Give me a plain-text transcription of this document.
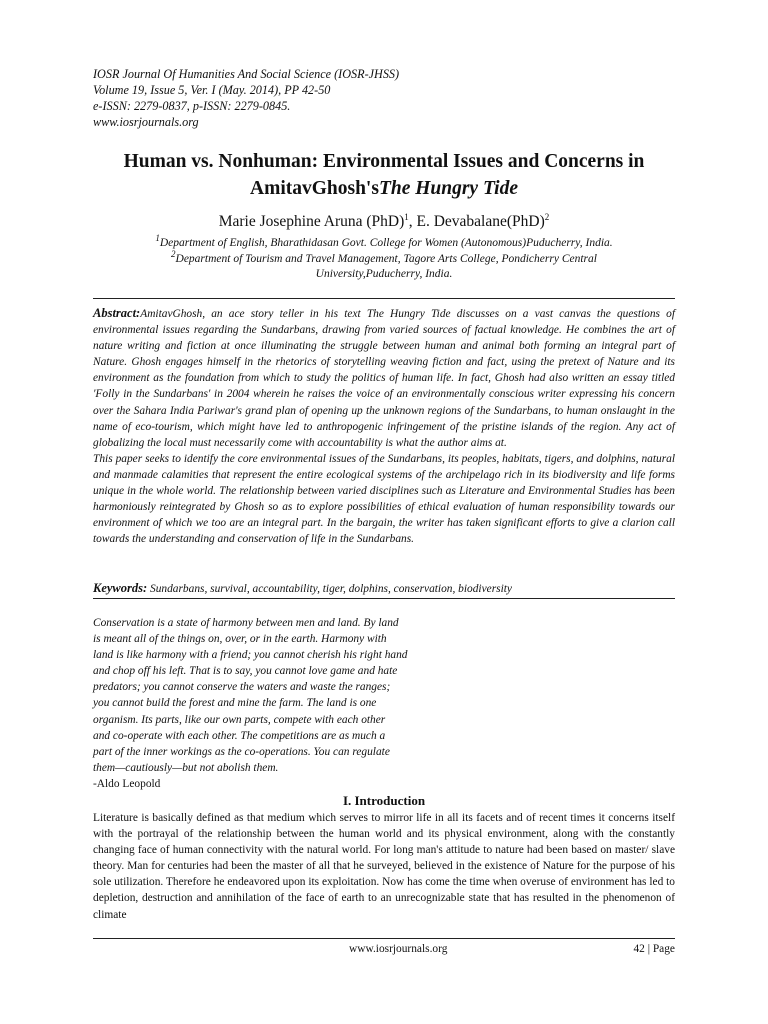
IOSR Journal Of Humanities And Social Science (IOSR-JHSS)
Volume 19, Issue 5, Ver. I (May. 2014), PP 42-50
e-ISSN: 2279-0837, p-ISSN: 2279-0845.
www.iosrjournals.org
Human vs. Nonhuman: Environmental Issues and Concerns in
AmitavGhosh'sThe Hungry Tide
Marie Josephine Aruna (PhD)$^1$, E. Devabalane(PhD)$^2$
$^1$Department of English, Bharathidasan Govt. College for Women (Autonomous)Puducherry, India.
$^2$Department of Tourism and Travel Management, Tagore Arts College, Pondicherry Central University,Puducherry, India.

Abstract:AmitavGhosh, an ace story teller in his text The Hungry Tide discusses on a vast canvas the questions of environmental issues regarding the Sundarbans, drawing from varied sources of factual knowledge. He combines the art of nature writing and fiction at once illuminating the struggle between human and animal both forming an integral part of Nature. Ghosh engages himself in the rhetorics of storytelling weaving fiction and fact, using the pretext of Nature and its environment as the foundation from which to study the politics of human life. In fact, Ghosh had also written an essay titled 'Folly in the Sundarbans' in 2004 wherein he raises the voice of an environmentally conscious writer expressing his concern over the Sahara India Pariwar's grand plan of opening up the unknown regions of the Sundarbans, to human onslaught in the name of eco-tourism, which might have led to anthropogenic infringement of the pristine islands of the region. Any act of globalizing the local must necessarily come with accountability is what the author aims at.

This paper seeks to identify the core environmental issues of the Sundarbans, its peoples, habitats, tigers, and dolphins, natural and manmade calamities that represent the entire ecological systems of the archipelago rich in its biodiversity and life forms unique in the whole world. The relationship between varied disciplines such as Literature and Environmental Studies has been harmoniously reintegrated by Ghosh so as to explore possibilities of ethical evaluation of human responsibility towards our environment of which we too are an integral part. In the bargain, the writer has taken significant efforts to give a clarion call towards the understanding and conservation of life in the Sundarbans.

Keywords: Sundarbans, survival, accountability, tiger, dolphins, conservation, biodiversity

Conservation is a state of harmony between men and land. By land

is meant all of the things on, over, or in the earth. Harmony with

land is like harmony with a friend; you cannot cherish his right hand

and chop off his left. That is to say, you cannot love game and hate

predators; you cannot conserve the waters and waste the ranges;

you cannot build the forest and mine the farm. The land is one

organism. Its parts, like our own parts, compete with each other

and co-operate with each other. The competitions are as much a

part of the inner workings as the co-operations. You can regulate

them—cautiously—but not abolish them.

-Aldo Leopold

I. Introduction

Literature is basically defined as that medium which serves to mirror life in all its facets and of recent times it concerns itself with the portrayal of the relationship between the human world and its physical environment, along with the constantly changing face of human connectivity with the natural world. For long man's attitude to nature had been based on master/ slave theory. Man for centuries had been the master of all that he surveyed, believed in the existence of Nature for the purpose of his sole utilization. Therefore he endeavored upon its exploitation. Now has come the time when overuse of environment has led to depletion, destruction and annihilation of the face of earth to an unrecognizable state that has resulted in the phenomenon of climate

www.iosrjournals.org	42 | Page
